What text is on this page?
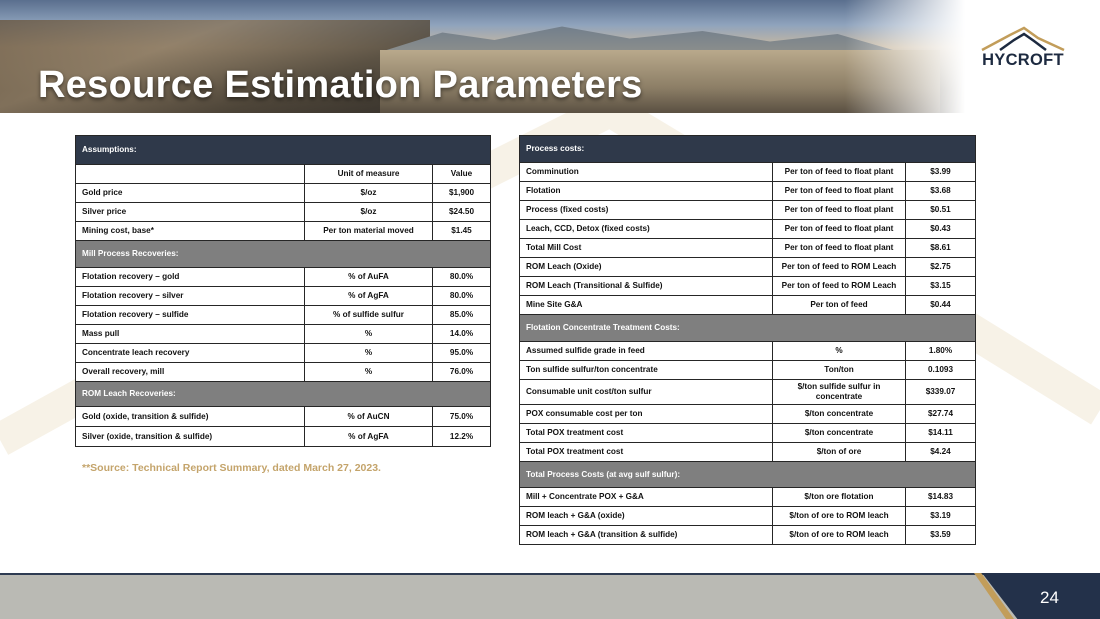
Resource Estimation Parameters
HYCROFT
Assumptions:		
	Unit of measure	Value
Gold price	$/oz	$1,900
Silver price	$/oz	$24.50
Mining cost, base*	Per ton material moved	$1.45
Mill Process Recoveries:		
Flotation recovery – gold	% of AuFA	80.0%
Flotation recovery – silver	% of AgFA	80.0%
Flotation recovery – sulfide	% of sulfide sulfur	85.0%
Mass pull	%	14.0%
Concentrate leach recovery	%	95.0%
Overall recovery, mill	%	76.0%
ROM Leach Recoveries:		
Gold (oxide, transition & sulfide)	% of AuCN	75.0%
Silver (oxide, transition & sulfide)	% of AgFA	12.2%

**Source: Technical Report Summary, dated March 27, 2023.

Process costs:		
Comminution	Per ton of feed to float plant	$3.99
Flotation	Per ton of feed to float plant	$3.68
Process (fixed costs)	Per ton of feed to float plant	$0.51
Leach, CCD, Detox (fixed costs)	Per ton of feed to float plant	$0.43
Total Mill Cost	Per ton of feed to float plant	$8.61
ROM Leach (Oxide)	Per ton of feed to ROM Leach	$2.75
ROM Leach (Transitional & Sulfide)	Per ton of feed to ROM Leach	$3.15
Mine Site G&A	Per ton of feed	$0.44
Flotation Concentrate Treatment Costs:		
Assumed sulfide grade in feed	%	1.80%
Ton sulfide sulfur/ton concentrate	Ton/ton	0.1093
Consumable unit cost/ton sulfur	$/ton sulfide sulfur in concentrate	$339.07
POX consumable cost per ton	$/ton concentrate	$27.74
Total POX treatment cost	$/ton concentrate	$14.11
Total POX treatment cost	$/ton of ore	$4.24
Total Process Costs (at avg sulf sulfur):		
Mill + Concentrate POX + G&A	$/ton ore flotation	$14.83
ROM leach + G&A (oxide)	$/ton of ore to ROM leach	$3.19
ROM leach + G&A (transition & sulfide)	$/ton of ore to ROM leach	$3.59

24
